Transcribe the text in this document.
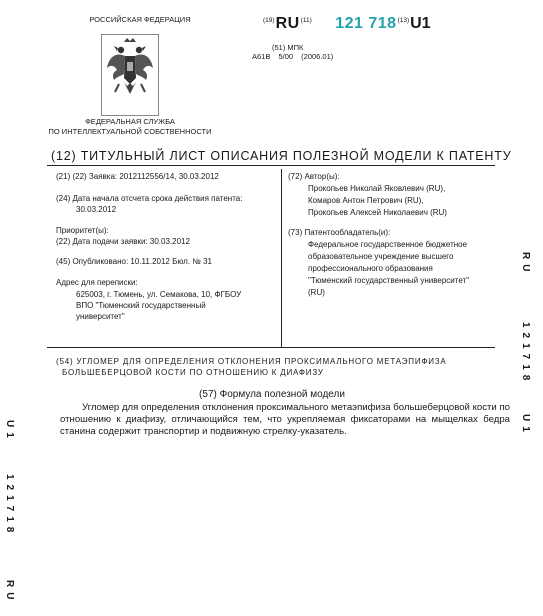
РОССИЙСКАЯ ФЕДЕРАЦИЯ
ФЕДЕРАЛЬНАЯ СЛУЖБА
ПО ИНТЕЛЛЕКТУАЛЬНОЙ СОБСТВЕННОСТИ
$^{(19)}$RU$^{(11)}$ 121 718$^{(13)}$U1
(51) МПК
A61B 5/00 (2006.01)
(12) ТИТУЛЬНЫЙ ЛИСТ ОПИСАНИЯ ПОЛЕЗНОЙ МОДЕЛИ К ПАТЕНТУ
(21) (22) Заявка: 2012112556/14, 30.03.2012
(24) Дата начала отсчета срока действия патента:
30.03.2012
Приоритет(ы):
(22) Дата подачи заявки: 30.03.2012
(45) Опубликовано: 10.11.2012 Бюл. № 31
Адрес для переписки:
625003, г. Тюмень, ул. Семакова, 10, ФГБОУ
ВПО "Тюменский государственный
университет"
(72) Автор(ы):
Прокопьев Николай Яковлевич (RU),
Комаров Антон Петрович (RU),
Прокопьев Алексей Николаевич (RU)
(73) Патентообладатель(и):
Федеральное государственное бюджетное
образовательное учреждение высшего
профессионального образования
"Тюменский государственный университет"
(RU)
(54) УГЛОМЕР ДЛЯ ОПРЕДЕЛЕНИЯ ОТКЛОНЕНИЯ ПРОКСИМАЛЬНОГО МЕТАЭПИФИЗА
БОЛЬШЕБЕРЦОВОЙ КОСТИ ПО ОТНОШЕНИЮ К ДИАФИЗУ
(57) Формула полезной модели
Угломер для определения отклонения проксимального метаэпифиза большеберцовой кости по отношению к диафизу, отличающийся тем, что укрепляемая фиксаторами на мыщелках бедра станина содержит транспортир и подвижную стрелку-указатель.
RU
121718
U1
RU
121718
U1
